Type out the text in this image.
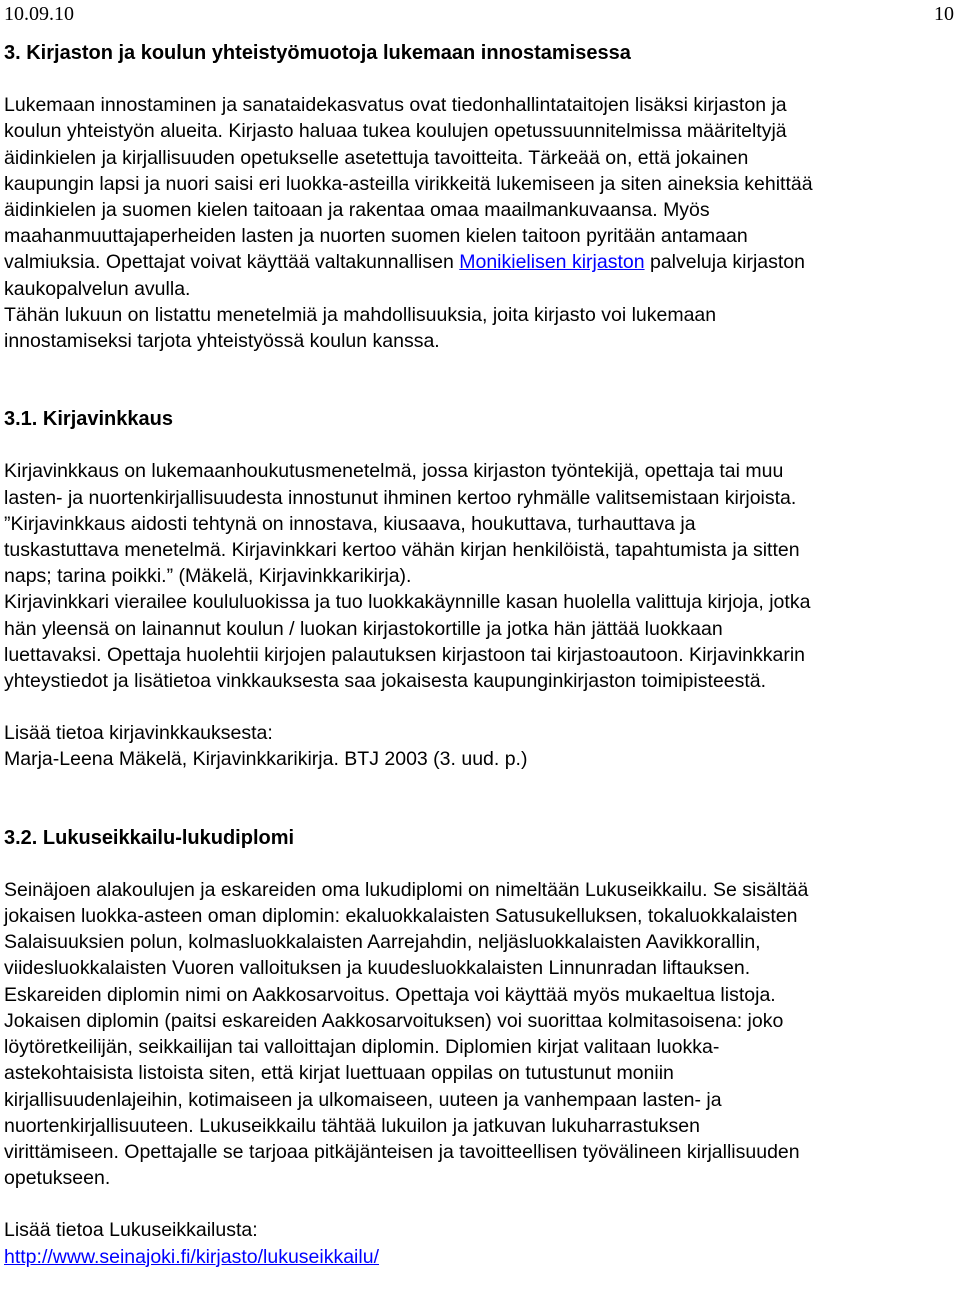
10.09.10	10
3. Kirjaston ja koulun yhteistyömuotoja lukemaan innostamisessa

Lukemaan innostaminen ja sanataidekasvatus ovat tiedonhallintataitojen lisäksi kirjaston ja
koulun yhteistyön alueita. Kirjasto haluaa tukea koulujen opetussuunnitelmissa määriteltyjä
äidinkielen ja kirjallisuuden opetukselle asetettuja tavoitteita. Tärkeää on, että jokainen
kaupungin lapsi ja nuori saisi eri luokka-asteilla virikkeitä lukemiseen ja siten aineksia kehittää
äidinkielen ja suomen kielen taitoaan ja rakentaa omaa maailmankuvaansa. Myös
maahanmuuttajaperheiden lasten ja nuorten suomen kielen taitoon pyritään antamaan
valmiuksia. Opettajat voivat käyttää valtakunnallisen Monikielisen kirjaston palveluja kirjaston
kaukopalvelun avulla.

Tähän lukuun on listattu menetelmiä ja mahdollisuuksia, joita kirjasto voi lukemaan
innostamiseksi tarjota yhteistyössä koulun kanssa.

3.1. Kirjavinkkaus

Kirjavinkkaus on lukemaanhoukutusmenetelmä, jossa kirjaston työntekijä, opettaja tai muu
lasten- ja nuortenkirjallisuudesta innostunut ihminen kertoo ryhmälle valitsemistaan kirjoista.
”Kirjavinkkaus aidosti tehtynä on innostava, kiusaava, houkuttava, turhauttava ja
tuskastuttava menetelmä. Kirjavinkkari kertoo vähän kirjan henkilöistä, tapahtumista ja sitten
naps; tarina poikki.” (Mäkelä, Kirjavinkkarikirja).
Kirjavinkkari vierailee koululuokissa ja tuo luokkakäynnille kasan huolella valittuja kirjoja, jotka
hän yleensä on lainannut koulun / luokan kirjastokortille ja jotka hän jättää luokkaan
luettavaksi. Opettaja huolehtii kirjojen palautuksen kirjastoon tai kirjastoautoon. Kirjavinkkarin
yhteystiedot ja lisätietoa vinkkauksesta saa jokaisesta kaupunginkirjaston toimipisteestä.

Lisää tietoa kirjavinkkauksesta:
Marja-Leena Mäkelä, Kirjavinkkarikirja. BTJ 2003 (3. uud. p.)

3.2. Lukuseikkailu-lukudiplomi

Seinäjoen alakoulujen ja eskareiden oma lukudiplomi on nimeltään Lukuseikkailu. Se sisältää
jokaisen luokka-asteen oman diplomin: ekaluokkalaisten Satusukelluksen, tokaluokkalaisten
Salaisuuksien polun, kolmasluokkalaisten Aarrejahdin, neljäsluokkalaisten Aavikkorallin,
viidesluokkalaisten Vuoren valloituksen ja kuudesluokkalaisten Linnunradan liftauksen.
Eskareiden diplomin nimi on Aakkosarvoitus. Opettaja voi käyttää myös mukaeltua listoja.
Jokaisen diplomin (paitsi eskareiden Aakkosarvoituksen) voi suorittaa kolmitasoisena: joko
löytöretkeilijän, seikkailijan tai valloittajan diplomin. Diplomien kirjat valitaan luokka-
astekohtaisista listoista siten, että kirjat luettuaan oppilas on tutustunut moniin
kirjallisuudenlajeihin, kotimaiseen ja ulkomaiseen, uuteen ja vanhempaan lasten- ja
nuortenkirjallisuuteen. Lukuseikkailu tähtää lukuilon ja jatkuvan lukuharrastuksen
virittämiseen. Opettajalle se tarjoaa pitkäjänteisen ja tavoitteellisen työvälineen kirjallisuuden
opetukseen.

Lisää tietoa Lukuseikkailusta:
http://www.seinajoki.fi/kirjasto/lukuseikkailu/
